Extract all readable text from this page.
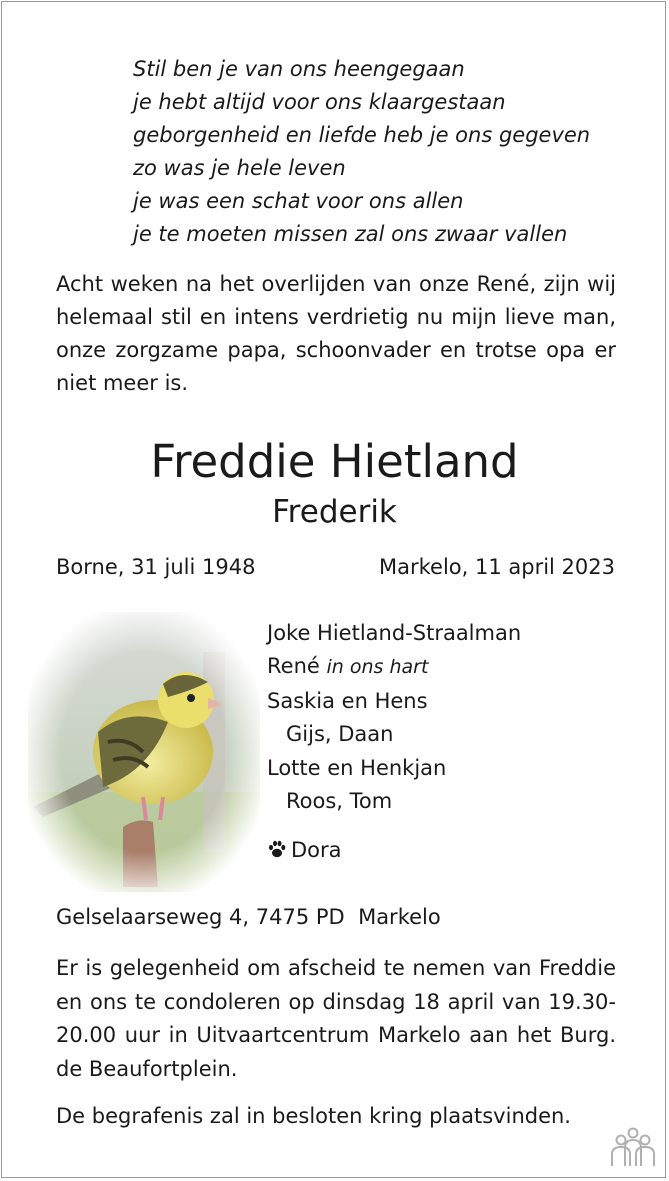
Stil ben je van ons heengegaan
je hebt altijd voor ons klaargestaan
geborgenheid en liefde heb je ons gegeven
zo was je hele leven
je was een schat voor ons allen
je te moeten missen zal ons zwaar vallen
Acht weken na het overlijden van onze René, zijn wij helemaal stil en intens verdrietig nu mijn lieve man, onze zorgzame papa, schoonvader en trotse opa er niet meer is.
Freddie Hietland
Frederik
Borne, 31 juli 1948	Markelo, 11 april 2023
Joke Hietland-Straalman
René in ons hart
Saskia en Hens
Gijs, Daan
Lotte en Henkjan
Roos, Tom
Dora
Gelselaarseweg 4, 7475 PD  Markelo
Er is gelegenheid om afscheid te nemen van Freddie en ons te condoleren op dinsdag 18 april van 19.30-20.00 uur in Uitvaartcentrum Markelo aan het Burg. de Beaufortplein.
De begrafenis zal in besloten kring plaatsvinden.
